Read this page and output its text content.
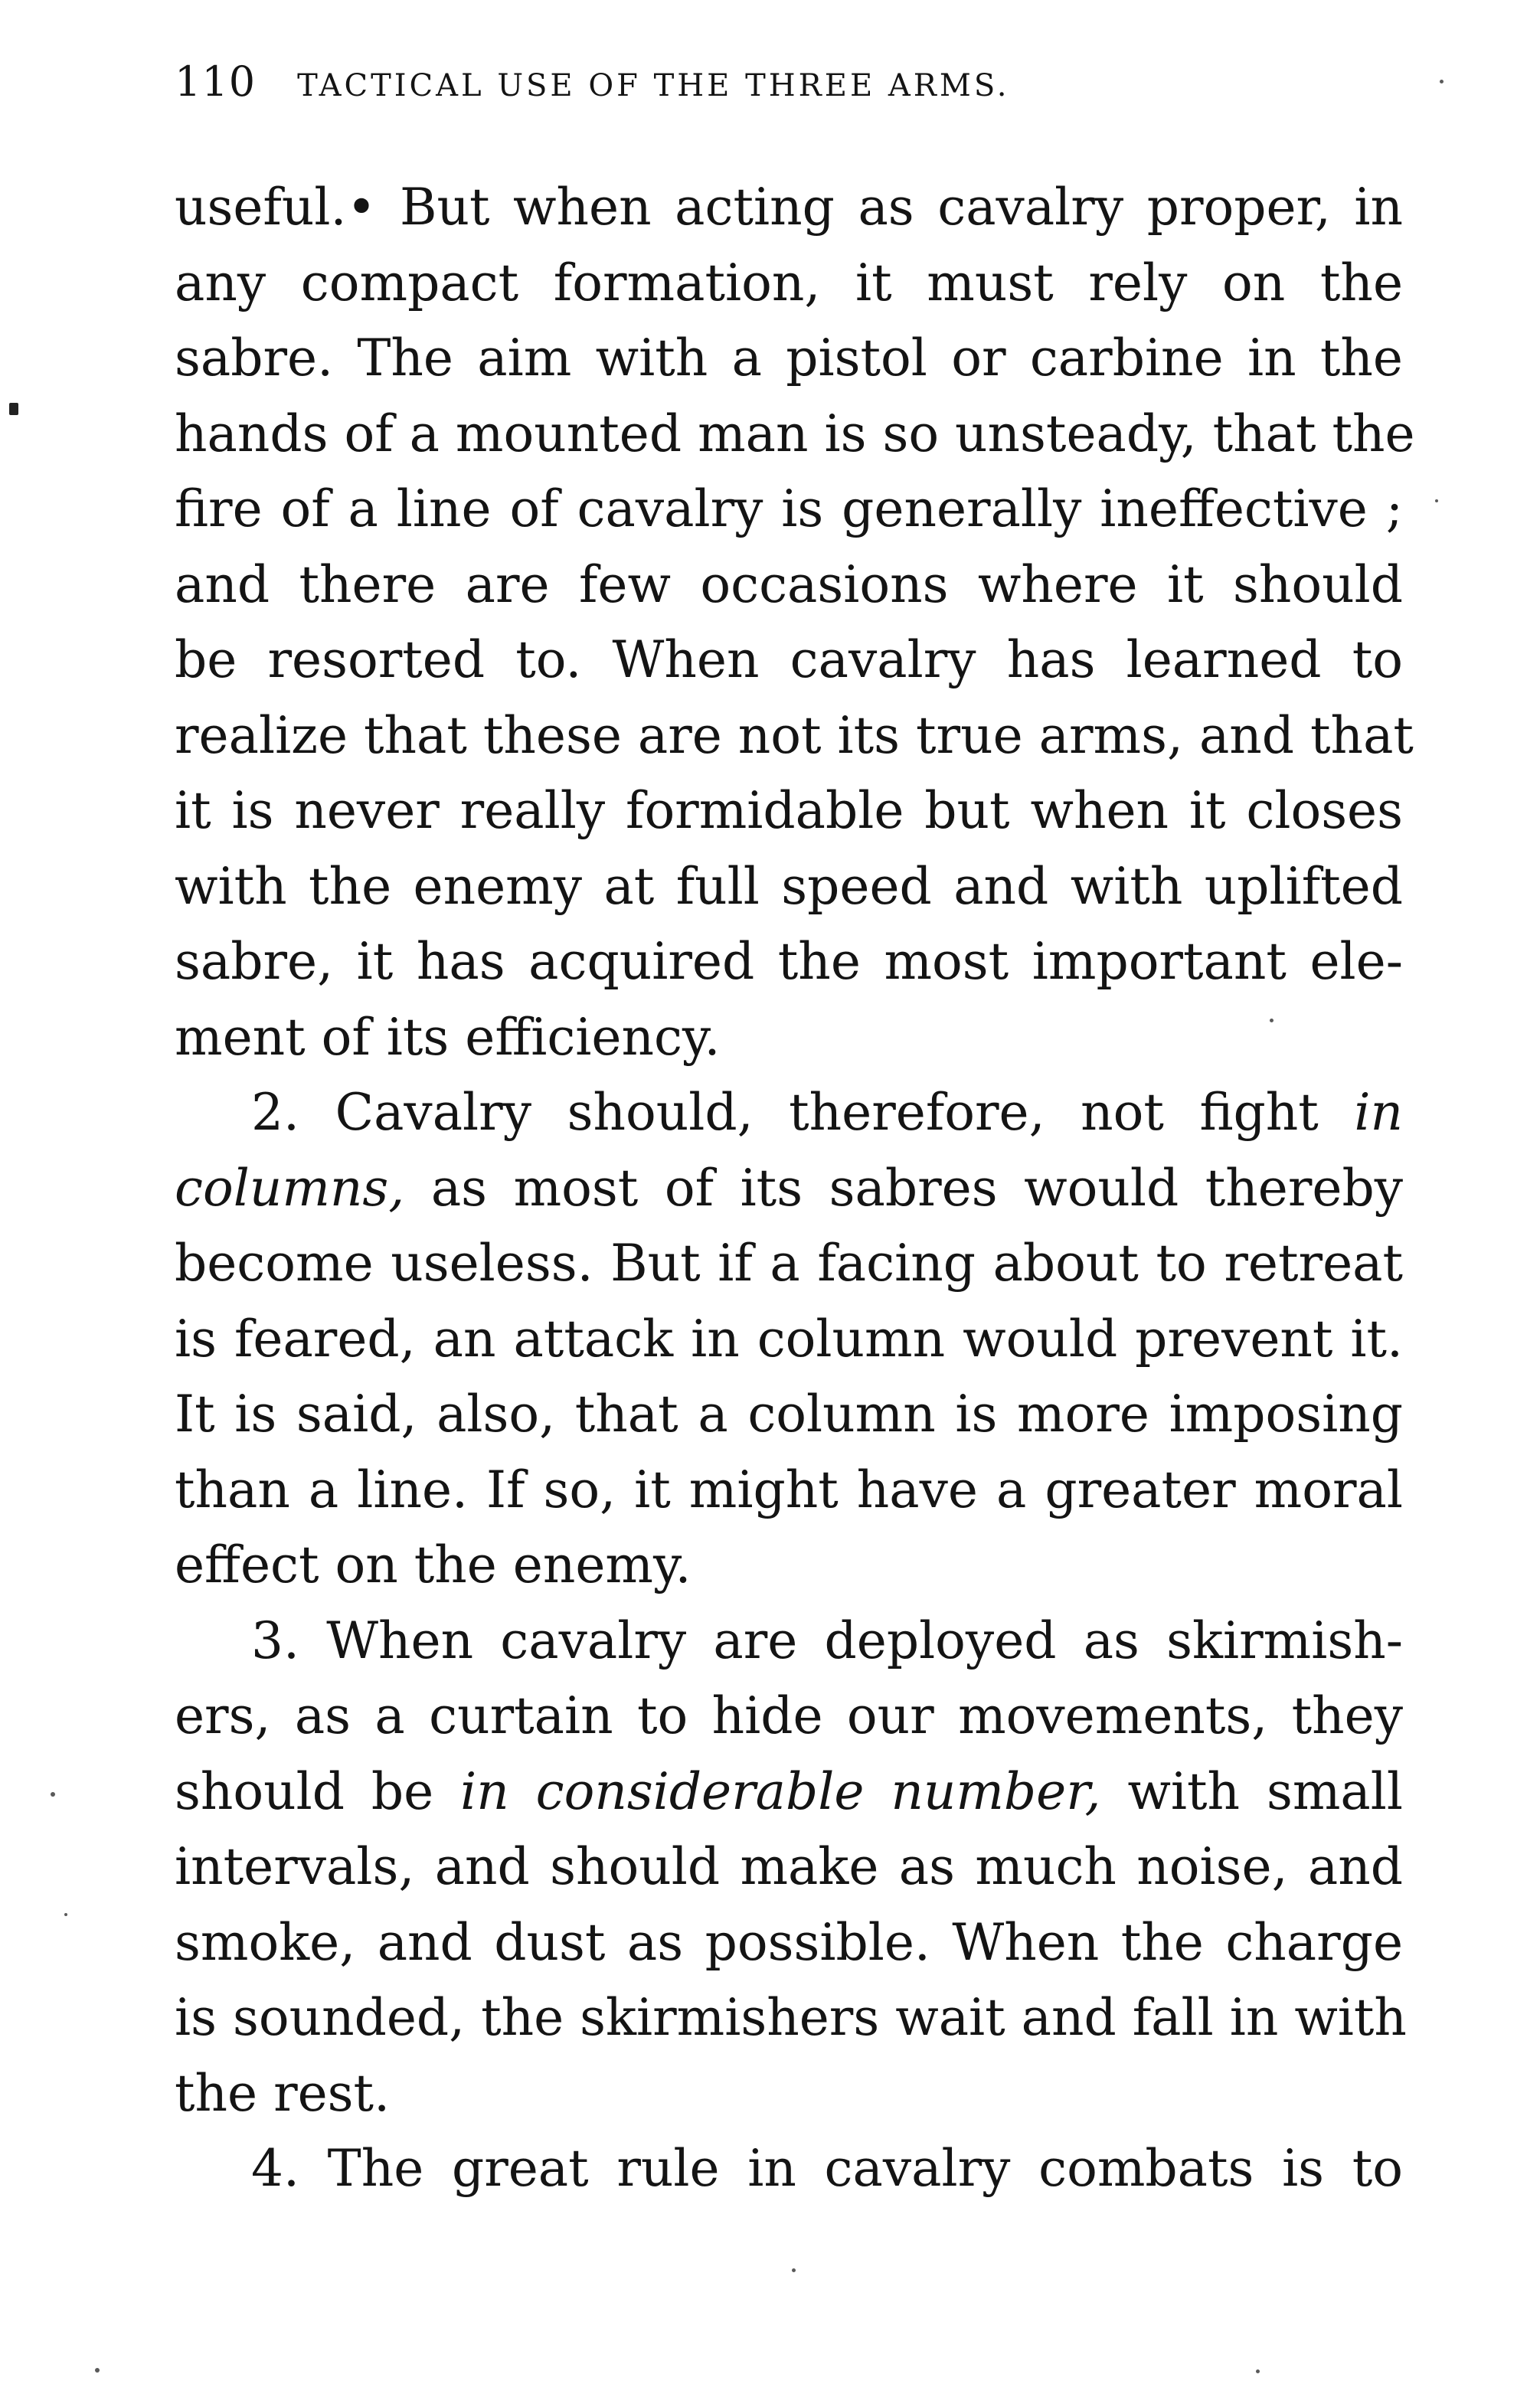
110 TACTICAL USE OF THE THREE ARMS.
useful.• But when acting as cavalry proper, in
any compact formation, it must rely on the
sabre. The aim with a pistol or carbine in the
hands of a mounted man is so unsteady, that the
fire of a line of cavalry is generally ineffective ;
and there are few occasions where it should
be resorted to. When cavalry has learned to
realize that these are not its true arms, and that
it is never really formidable but when it closes
with the enemy at full speed and with uplifted
sabre, it has acquired the most important ele-
ment of its efficiency.
2. Cavalry should, therefore, not fight in
columns, as most of its sabres would thereby
become useless. But if a facing about to retreat
is feared, an attack in column would prevent it.
It is said, also, that a column is more imposing
than a line. If so, it might have a greater moral
effect on the enemy.
3. When cavalry are deployed as skirmish-
ers, as a curtain to hide our movements, they
should be in considerable number, with small
intervals, and should make as much noise, and
smoke, and dust as possible. When the charge
is sounded, the skirmishers wait and fall in with
the rest.
4. The great rule in cavalry combats is to
